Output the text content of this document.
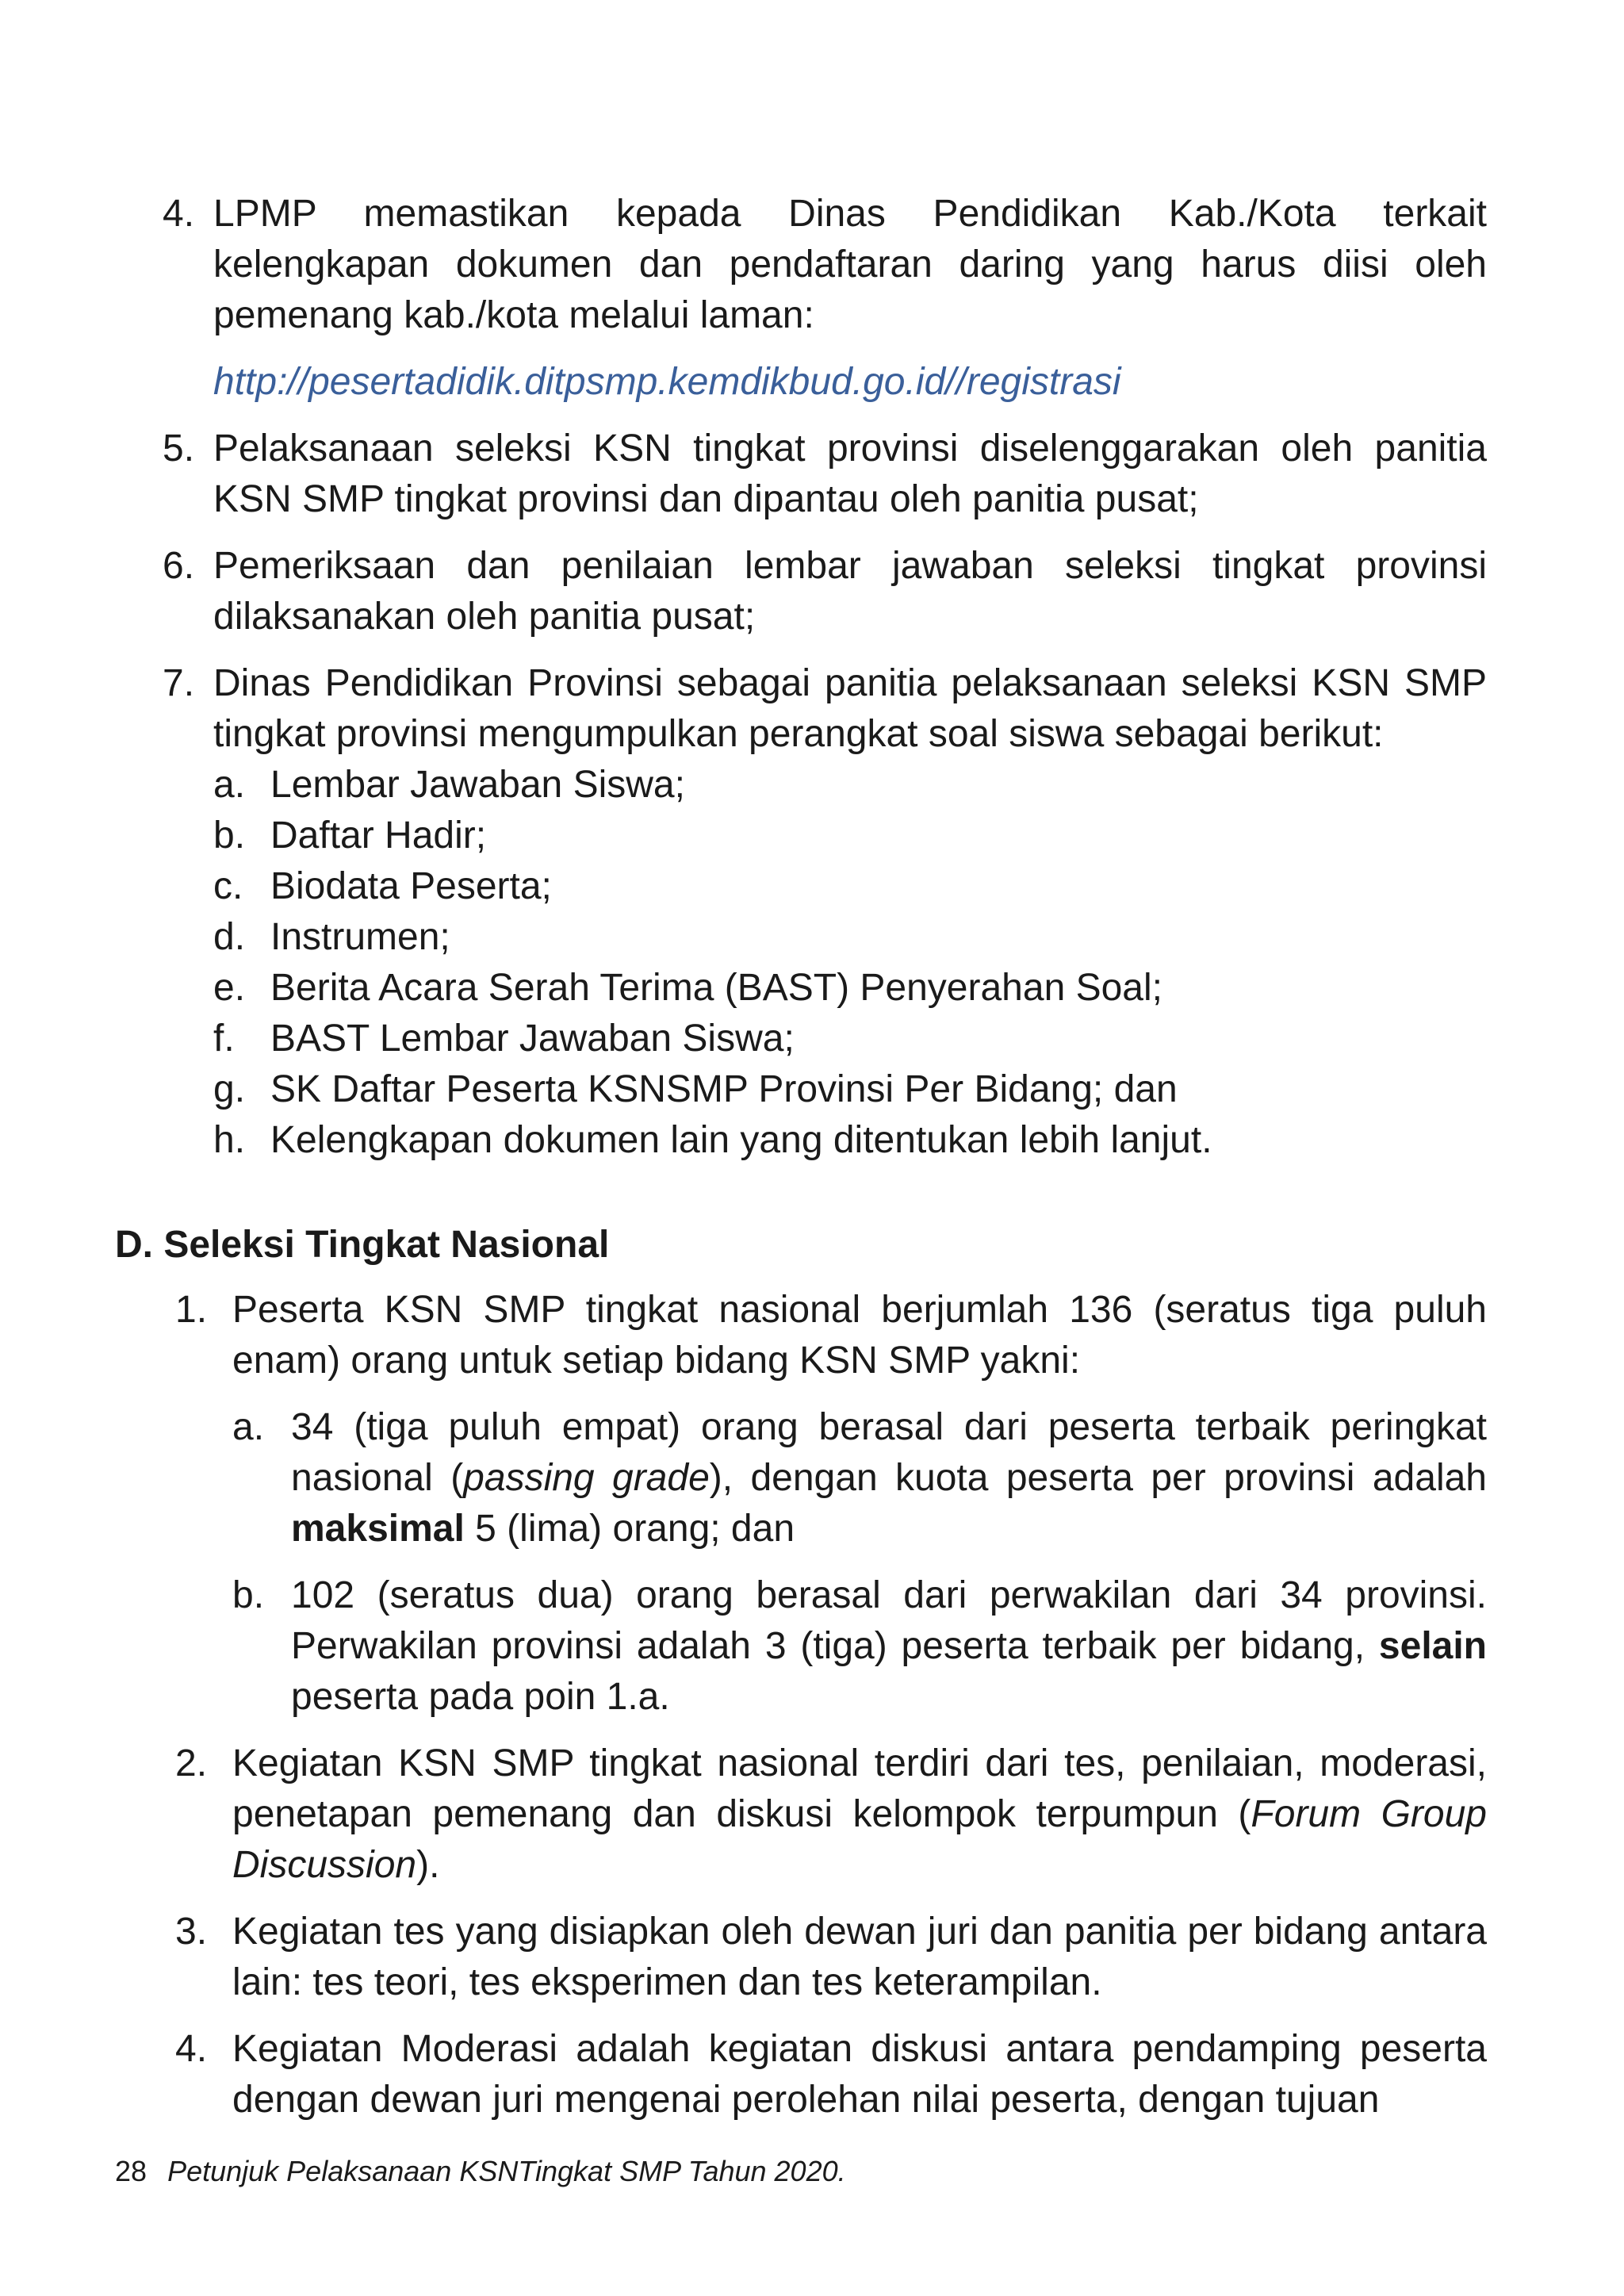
4. LPMP memastikan kepada Dinas Pendidikan Kab./Kota terkait kelengkapan dokumen dan pendaftaran daring yang harus diisi oleh pemenang kab./kota melalui laman:
http://pesertadidik.ditpsmp.kemdikbud.go.id//registrasi
5. Pelaksanaan seleksi KSN tingkat provinsi diselenggarakan oleh panitia KSN SMP tingkat provinsi dan dipantau oleh panitia pusat;
6. Pemeriksaan dan penilaian lembar jawaban seleksi tingkat provinsi dilaksanakan oleh panitia pusat;
7. Dinas Pendidikan Provinsi sebagai panitia pelaksanaan seleksi KSN SMP tingkat provinsi mengumpulkan perangkat soal siswa sebagai berikut:
a. Lembar Jawaban Siswa;
b. Daftar Hadir;
c. Biodata Peserta;
d. Instrumen;
e. Berita Acara Serah Terima (BAST) Penyerahan Soal;
f. BAST Lembar Jawaban Siswa;
g. SK Daftar Peserta KSNSMP Provinsi Per Bidang; dan
h. Kelengkapan dokumen lain yang ditentukan lebih lanjut.
D. Seleksi Tingkat Nasional
1. Peserta KSN SMP tingkat nasional berjumlah 136 (seratus tiga puluh enam) orang untuk setiap bidang KSN SMP yakni:
a. 34 (tiga puluh empat) orang berasal dari peserta terbaik peringkat nasional (passing grade), dengan kuota peserta per provinsi adalah maksimal 5 (lima) orang; dan
b. 102 (seratus dua) orang berasal dari perwakilan dari 34 provinsi. Perwakilan provinsi adalah 3 (tiga) peserta terbaik per bidang, selain peserta pada poin 1.a.
2. Kegiatan KSN SMP tingkat nasional terdiri dari tes, penilaian, moderasi, penetapan pemenang dan diskusi kelompok terpumpun (Forum Group Discussion).
3. Kegiatan tes yang disiapkan oleh dewan juri dan panitia per bidang antara lain: tes teori, tes eksperimen dan tes keterampilan.
4. Kegiatan Moderasi adalah kegiatan diskusi antara pendamping peserta dengan dewan juri mengenai perolehan nilai peserta, dengan tujuan
28 Petunjuk Pelaksanaan KSNTingkat SMP Tahun 2020.
